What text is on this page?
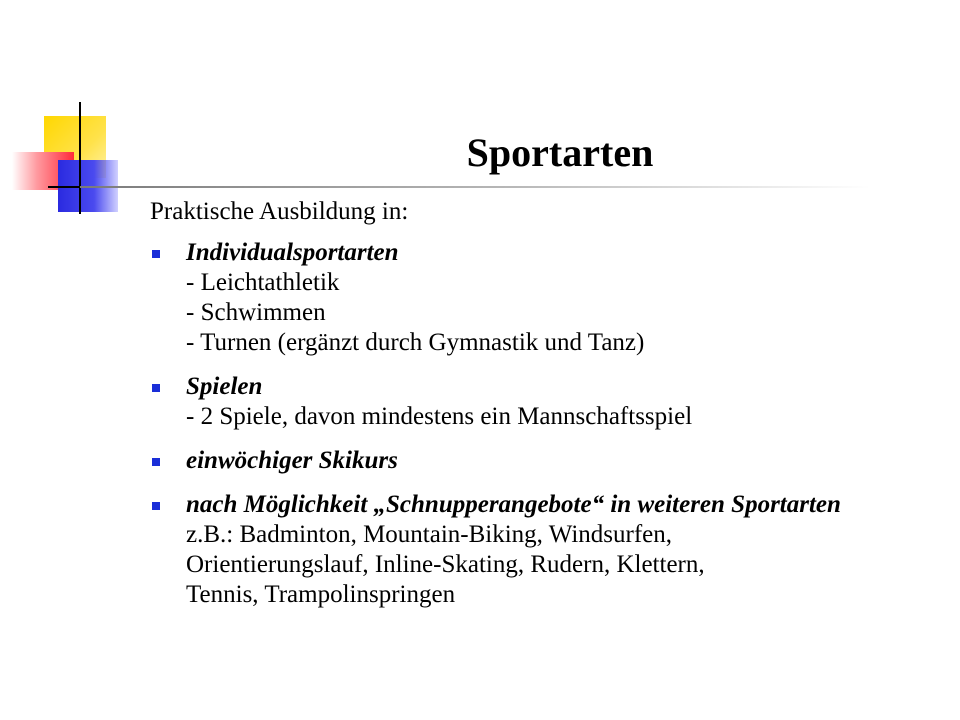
Sportarten

Praktische Ausbildung in:

Individualsportarten
- Leichtathletik
- Schwimmen
- Turnen (ergänzt durch Gymnastik und Tanz)
Spielen
- 2 Spiele, davon mindestens ein Mannschaftsspiel
einwöchiger Skikurs
nach Möglichkeit „Schnupperangebote“ in weiteren Sportarten
z.B.: Badminton, Mountain-Biking, Windsurfen,
Orientierungslauf, Inline-Skating, Rudern, Klettern,
Tennis, Trampolinspringen
